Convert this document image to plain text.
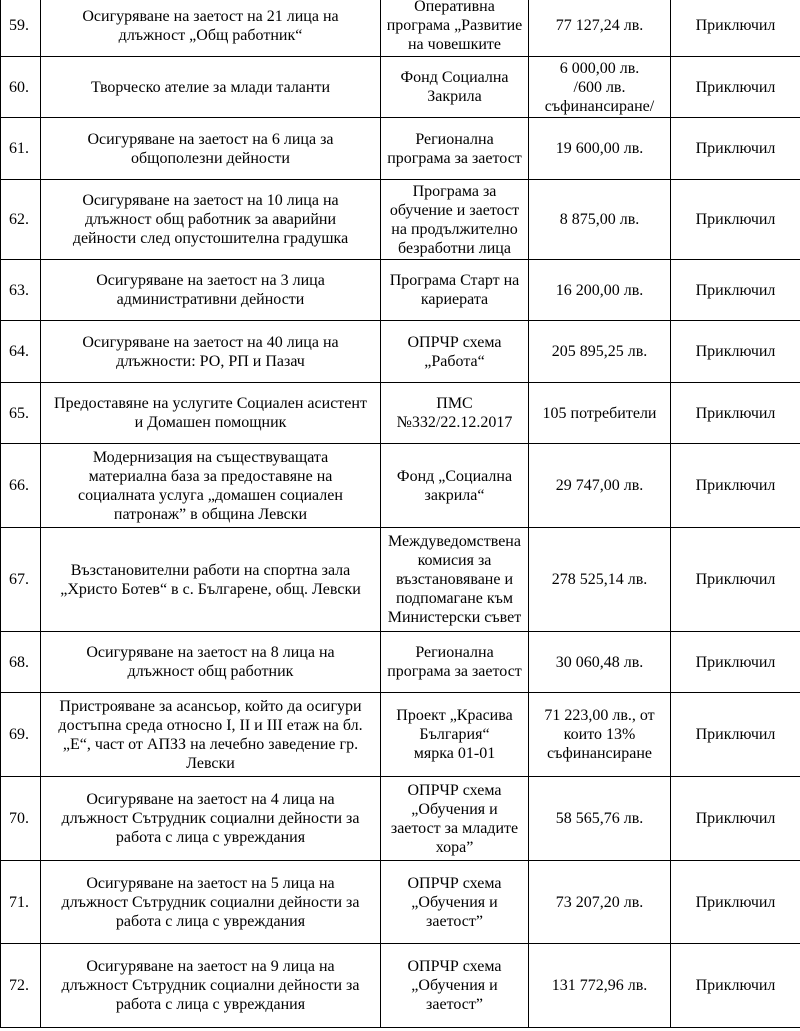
59.	Осигуряване на заетост на 21 лица на
длъжност „Общ работник“	Оперативна
програма „Развитие
на човешките	77 127,24 лв.	Приключил
60.	Творческо ателие за млади таланти	Фонд Социална
Закрила	6 000,00 лв.
/600 лв.
съфинансиране/	Приключил
61.	Осигуряване на заетост на 6 лица за
общополезни дейности	Регионална
програма за заетост	19 600,00 лв.	Приключил
62.	Осигуряване на заетост на 10 лица на
длъжност общ работник за аварийни
дейности след опустошителна градушка	Програма за
обучение и заетост
на продължително
безработни лица	8 875,00 лв.	Приключил
63.	Осигуряване на заетост на 3 лица
административни дейности	Програма Старт на
кариерата	16 200,00 лв.	Приключил
64.	Осигуряване на заетост на 40 лица на
длъжности: РО, РП и Пазач	ОПРЧР схема
„Работа“	205 895,25 лв.	Приключил
65.	Предоставяне на услугите Социален асистент
и Домашен помощник	ПМС
№332/22.12.2017	105 потребители	Приключил
66.	Модернизация на съществуващата
материална база за предоставяне на
социалната услуга „домашен социален
патронаж” в община Левски	Фонд „Социална
закрила“	29 747,00 лв.	Приключил
67.	Възстановителни работи на спортна зала
„Христо Ботев“ в с. Българене, общ. Левски	Междуведомствена
комисия за
възстановяване и
подпомагане към
Министерски съвет	278 525,14 лв.	Приключил
68.	Осигуряване на заетост на 8 лица на
длъжност общ работник	Регионална
програма за заетост	30 060,48 лв.	Приключил
69.	Пристрояване за асансьор, който да осигури
достъпна среда относно I, II и III етаж на бл.
„Е“, част от АПЗЗ на лечебно заведение гр.
Левски	Проект „Красива
България“
мярка 01-01	71 223,00 лв., от
които 13%
съфинансиране	Приключил
70.	Осигуряване на заетост на 4 лица на
длъжност Сътрудник социални дейности за
работа с лица с увреждания	ОПРЧР схема
„Обучения и
заетост за младите
хора”	58 565,76 лв.	Приключил
71.	Осигуряване на заетост на 5 лица на
длъжност Сътрудник социални дейности за
работа с лица с увреждания	ОПРЧР схема
„Обучения и
заетост”	73 207,20 лв.	Приключил
72.	Осигуряване на заетост на 9 лица на
длъжност Сътрудник социални дейности за
работа с лица с увреждания	ОПРЧР схема
„Обучения и
заетост”	131 772,96 лв.	Приключил
